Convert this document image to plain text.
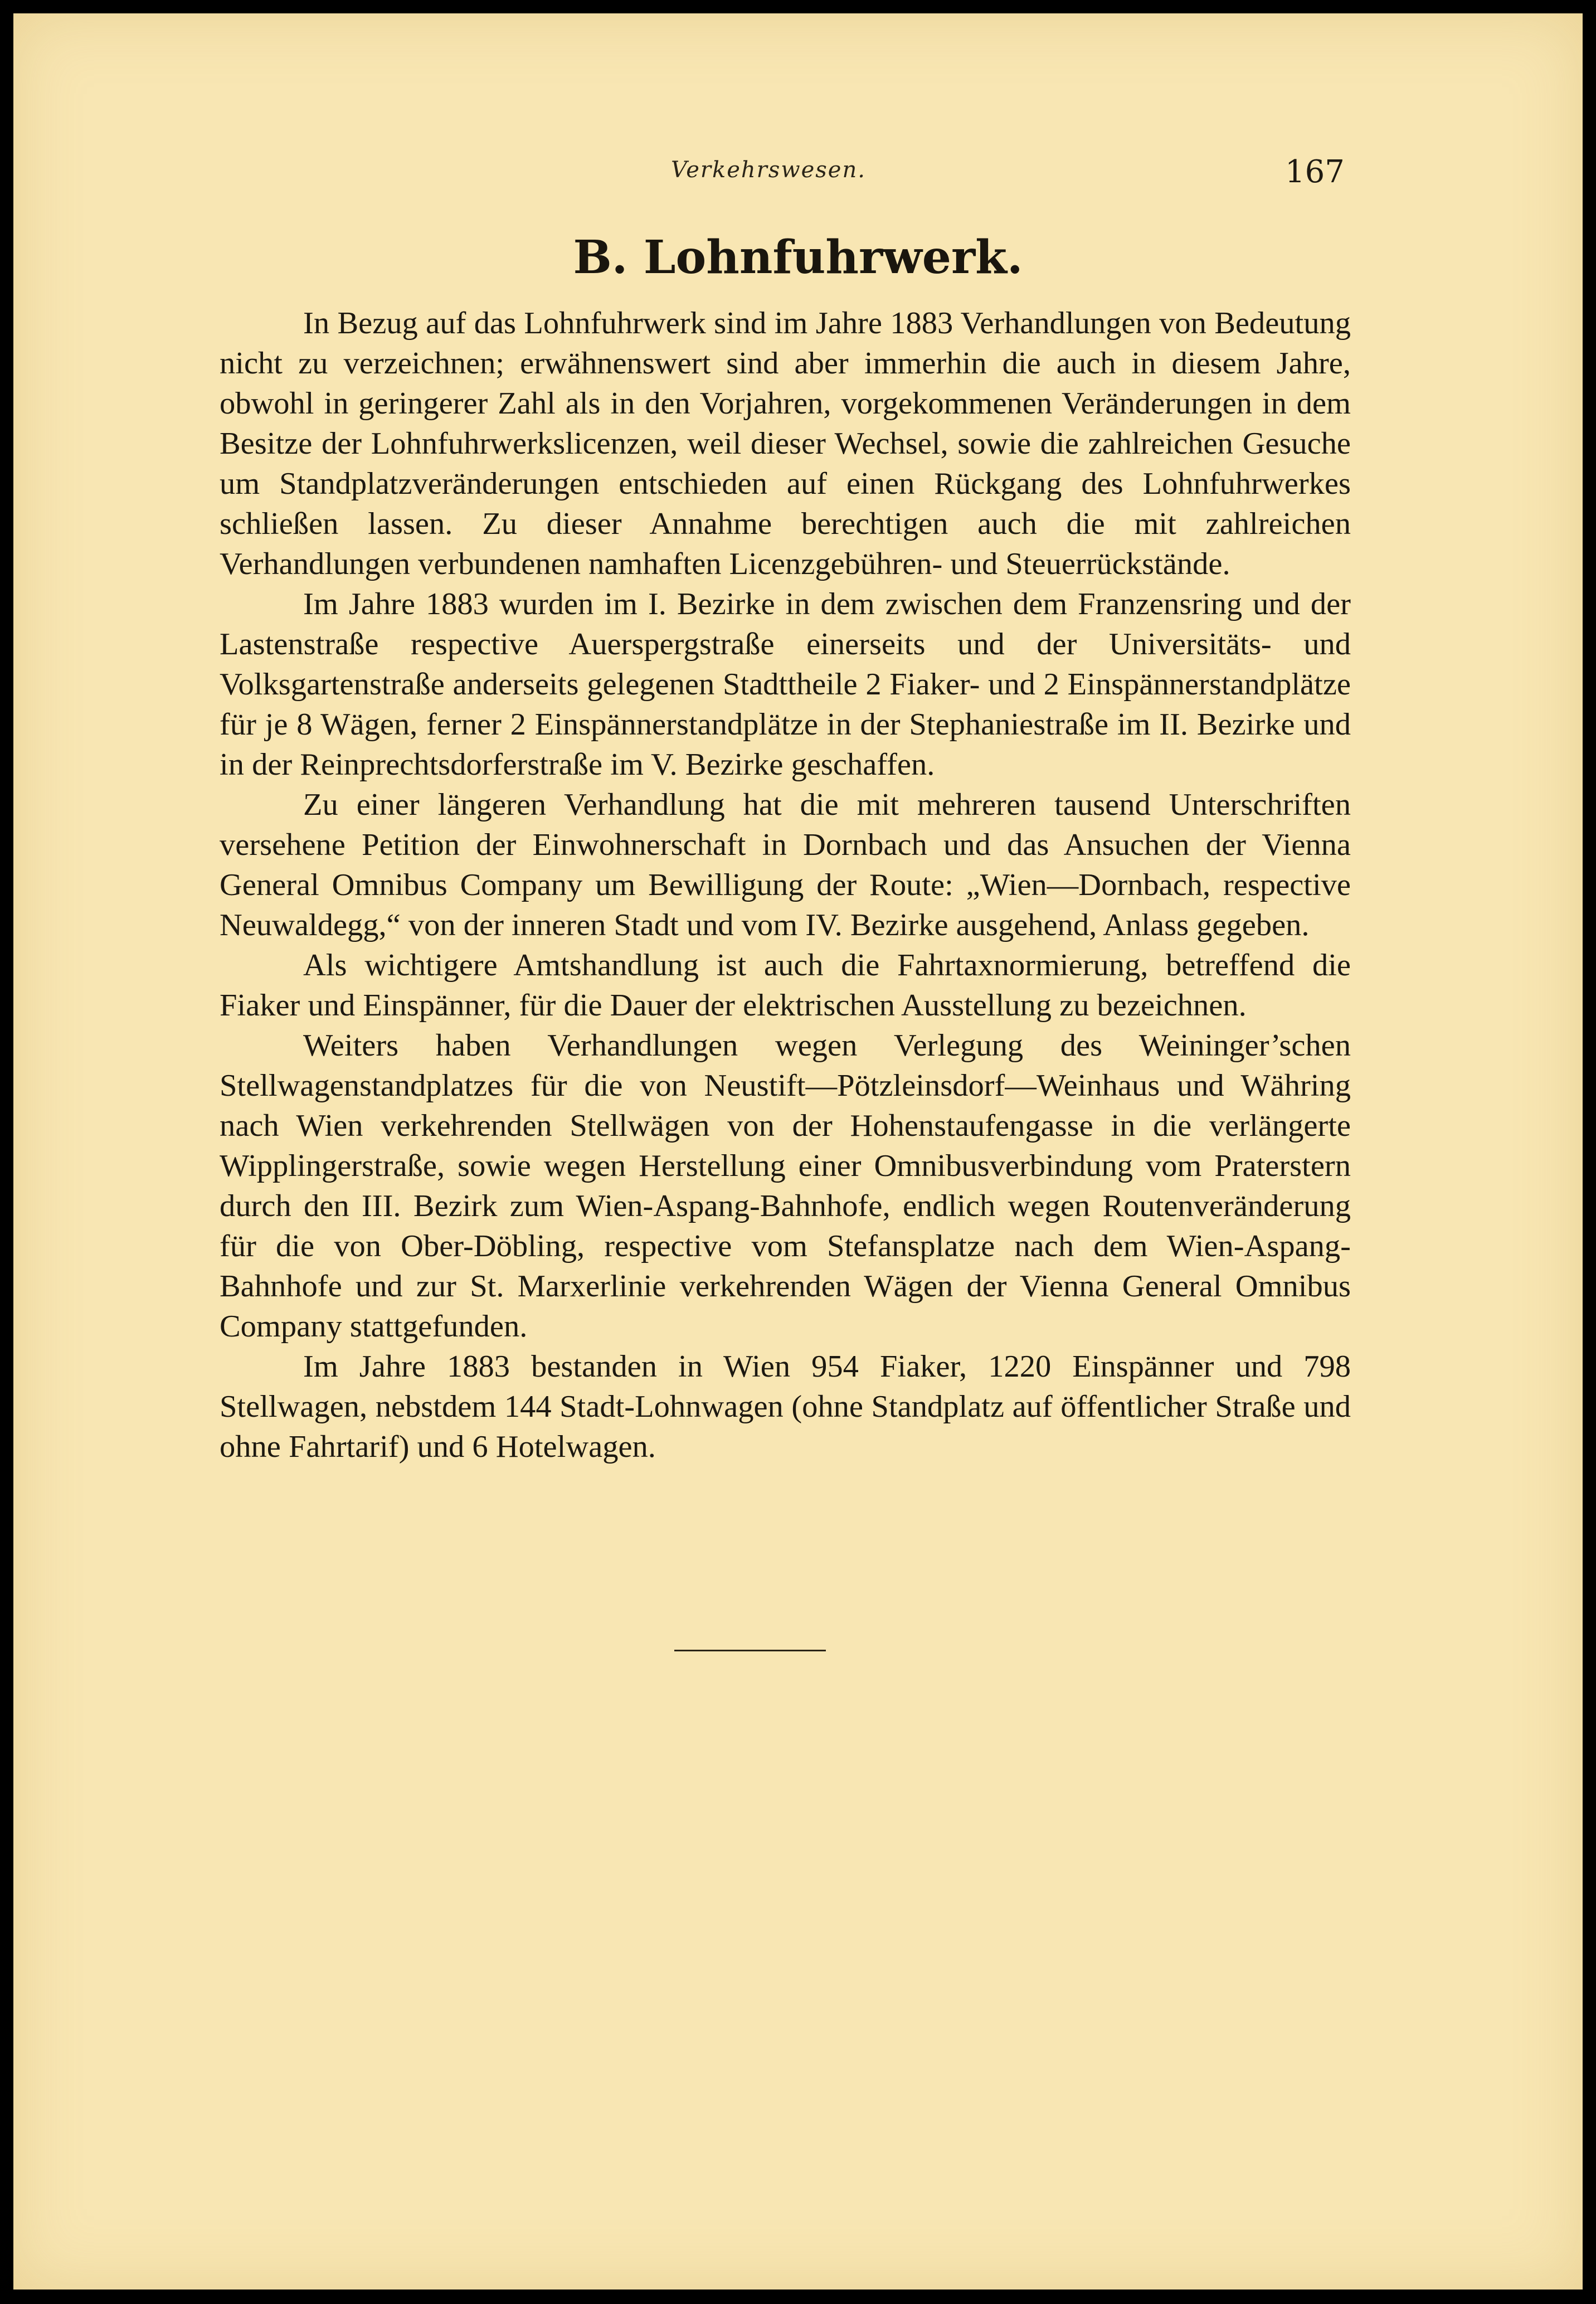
Verkehrswesen.	167
B. Lohnfuhrwerk.

In Bezug auf das Lohnfuhrwerk sind im Jahre 1883 Verhandlungen von Bedeutung nicht zu verzeichnen; erwähnenswert sind aber immerhin die auch in diesem Jahre, obwohl in geringerer Zahl als in den Vorjahren, vorgekommenen Veränderungen in dem Besitze der Lohnfuhrwerkslicenzen, weil dieser Wechsel, sowie die zahlreichen Gesuche um Standplatzveränderungen entschieden auf einen Rückgang des Lohnfuhrwerkes schließen lassen. Zu dieser Annahme berechtigen auch die mit zahlreichen Verhandlungen verbundenen namhaften Licenzgebühren- und Steuerrückstände.

Im Jahre 1883 wurden im I. Bezirke in dem zwischen dem Franzensring und der Lastenstraße respective Auerspergstraße einerseits und der Universitäts- und Volksgartenstraße anderseits gelegenen Stadttheile 2 Fiaker- und 2 Einspännerstandplätze für je 8 Wägen, ferner 2 Einspännerstandplätze in der Stephaniestraße im II. Bezirke und in der Reinprechtsdorferstraße im V. Bezirke geschaffen.

Zu einer längeren Verhandlung hat die mit mehreren tausend Unterschriften versehene Petition der Einwohnerschaft in Dornbach und das Ansuchen der Vienna General Omnibus Company um Bewilligung der Route: „Wien—Dornbach, respective Neuwaldegg,“ von der inneren Stadt und vom IV. Bezirke ausgehend, Anlass gegeben.

Als wichtigere Amtshandlung ist auch die Fahrtaxnormierung, betreffend die Fiaker und Einspänner, für die Dauer der elektrischen Ausstellung zu bezeichnen.

Weiters haben Verhandlungen wegen Verlegung des Weininger’schen Stellwagenstandplatzes für die von Neustift—Pötzleinsdorf—Weinhaus und Währing nach Wien verkehrenden Stellwägen von der Hohenstaufengasse in die verlängerte Wipplingerstraße, sowie wegen Herstellung einer Omnibusverbindung vom Praterstern durch den III. Bezirk zum Wien-Aspang-Bahnhofe, endlich wegen Routenveränderung für die von Ober-Döbling, respective vom Stefansplatze nach dem Wien-Aspang-Bahnhofe und zur St. Marxerlinie verkehrenden Wägen der Vienna General Omnibus Company stattgefunden.

Im Jahre 1883 bestanden in Wien 954 Fiaker, 1220 Einspänner und 798 Stellwagen, nebstdem 144 Stadt-Lohnwagen (ohne Standplatz auf öffentlicher Straße und ohne Fahrtarif) und 6 Hotelwagen.
